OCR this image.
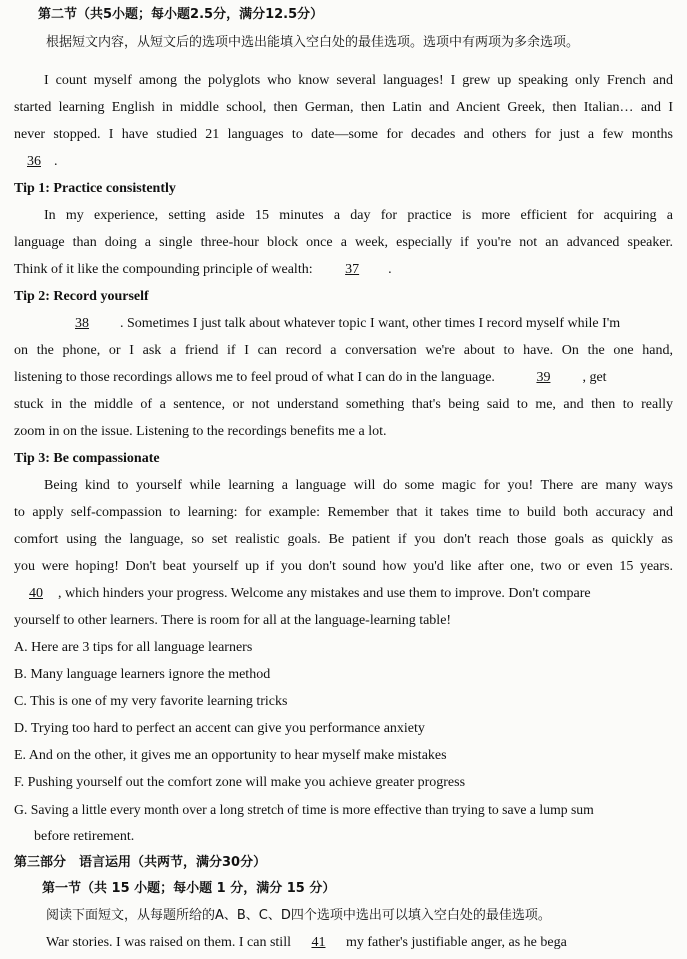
第二节（共5小题；每小题2.5分，满分12.5分）
根据短文内容，从短文后的选项中选出能填入空白处的最佳选项。选项中有两项为多余选项。
I count myself among the polyglots who know several languages! I grew up speaking only French and
started learning English in middle school, then German, then Latin and Ancient Greek, then Italian… and I
never stopped. I have studied 21 languages to date—some for decades and others for just a few months
36 .
Tip 1: Practice consistently
In my experience, setting aside 15 minutes a day for practice is more efficient for acquiring a
language than doing a single three-hour block once a week, especially if you're not an advanced speaker.
Think of it like the compounding principle of wealth: 37 .
Tip 2: Record yourself
38 . Sometimes I just talk about whatever topic I want, other times I record myself while I'm
on the phone, or I ask a friend if I can record a conversation we're about to have. On the one hand,
listening to those recordings allows me to feel proud of what I can do in the language.	39 , get
stuck in the middle of a sentence, or not understand something that's being said to me, and then to really
zoom in on the issue. Listening to the recordings benefits me a lot.
Tip 3: Be compassionate
Being kind to yourself while learning a language will do some magic for you! There are many ways
to apply self-compassion to learning: for example: Remember that it takes time to build both accuracy and
comfort using the language, so set realistic goals. Be patient if you don't reach those goals as quickly as
you were hoping! Don't beat yourself up if you don't sound how you'd like after one, two or even 15 years.
40 , which hinders your progress. Welcome any mistakes and use them to improve. Don't compare
yourself to other learners. There is room for all at the language-learning table!
A. Here are 3 tips for all language learners
B. Many language learners ignore the method
C. This is one of my very favorite learning tricks
D. Trying too hard to perfect an accent can give you performance anxiety
E. And on the other, it gives me an opportunity to hear myself make mistakes
F. Pushing yourself out the comfort zone will make you achieve greater progress
G. Saving a little every month over a long stretch of time is more effective than trying to save a lump sum
before retirement.
第三部分　语言运用（共两节，满分30分）
第一节（共 15 小题；每小题 1 分，满分 15 分）
阅读下面短文，从每题所给的A、B、C、D四个选项中选出可以填入空白处的最佳选项。
War stories. I was raised on them. I can still 41 my father's justifiable anger, as he bega
